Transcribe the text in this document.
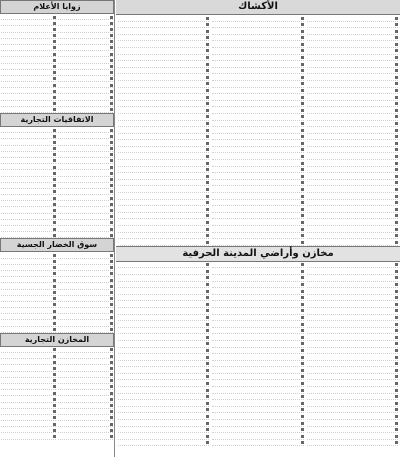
الأكشاك
مخازن وأراضي المدينة الحرفية
زوايا الأعلام
الاتفاقيات التجارية
سوق الخضار الجسية
المخازن التجارية
